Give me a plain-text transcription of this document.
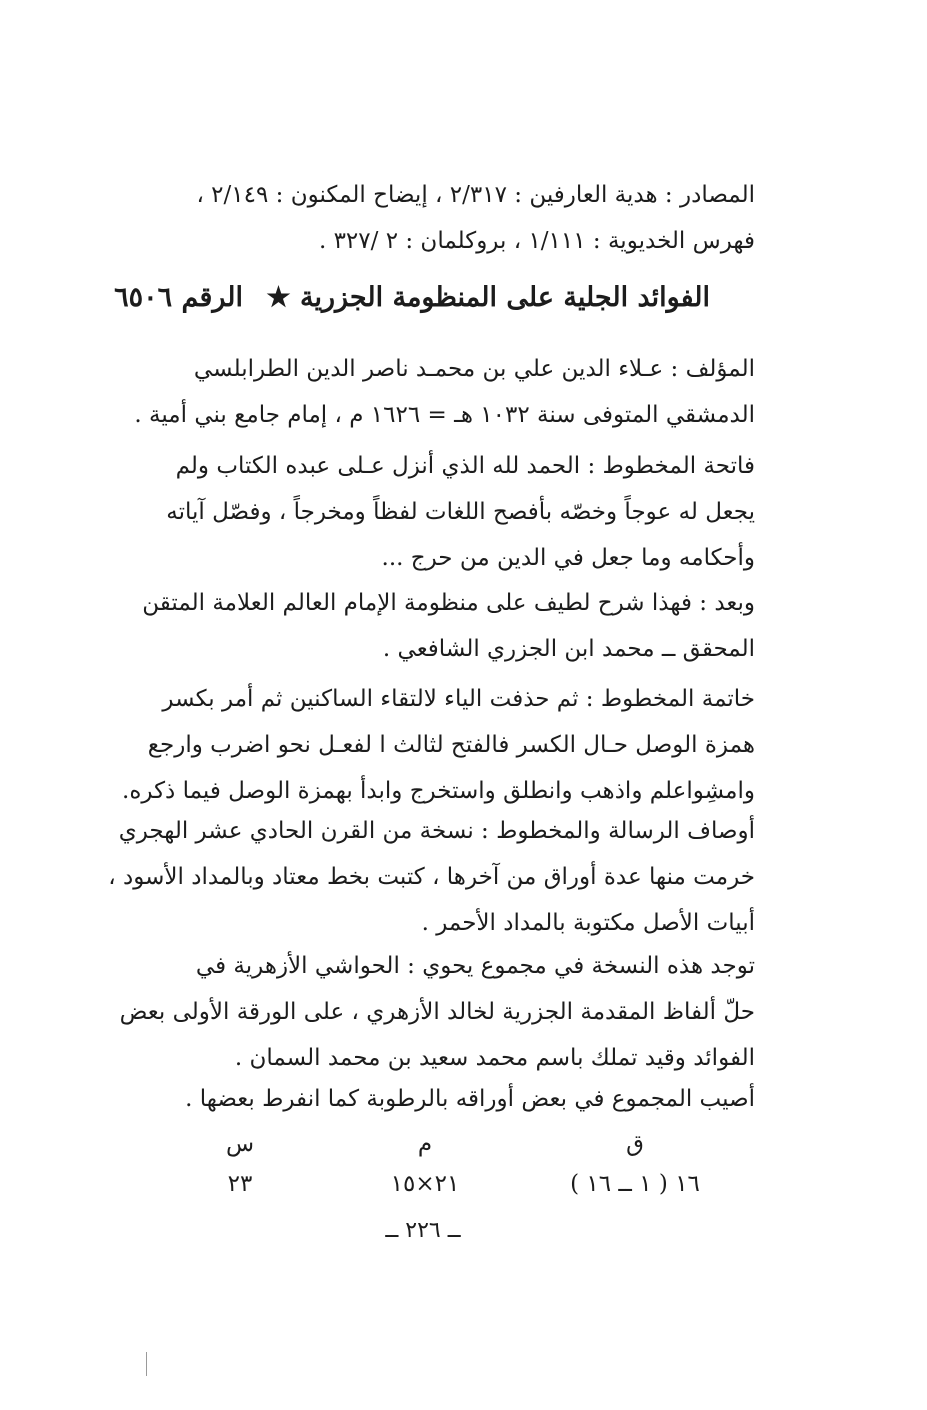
المصادر : هدية العارفين : ٢/٣١٧ ، إيضاح المكنون : ٢/١٤٩ ،
فهرس الخديوية : ١/١١١ ، بروكلمان : ٢ /٣٢٧ .
الفوائد الجلية على المنظومة الجزرية ★ الرقم ٦٥٠٦
المؤلف : عـلاء الدين علي بن محمـد ناصر الدين الطرابلسي
الدمشقي المتوفى سنة ١٠٣٢ هـ = ١٦٢٦ م ، إمام جامع بني أمية .
فاتحة المخطوط : الحمد لله الذي أنزل عـلى عبده الكتاب ولم
يجعل له عوجاً وخصّه بأفصح اللغات لفظاً ومخرجاً ، وفصّل آياته
وأحكامه وما جعل في الدين من حرج ...
وبعد : فهذا شرح لطيف على منظومة الإمام العالم العلامة المتقن
المحقق ــ محمد ابن الجزري الشافعي .
خاتمة المخطوط : ثم حذفت الياء لالتقاء الساكنين ثم أمر بكسر
همزة الوصل حـال الكسر فالفتح لثالث ا لفعـل نحو اضرب وارجع
وامشِواعلم واذهب وانطلق واستخرج وابدأ بهمزة الوصل فيما ذكره.
أوصاف الرسالة والمخطوط : نسخة من القرن الحادي عشر الهجري
خرمت منها عدة أوراق من آخرها ، كتبت بخط معتاد وبالمداد الأسود ،
أبيات الأصل مكتوبة بالمداد الأحمر .
توجد هذه النسخة في مجموع يحوي : الحواشي الأزهرية في
حلّ ألفاظ المقدمة الجزرية لخالد الأزهري ، على الورقة الأولى بعض
الفوائد وقيد تملك باسم محمد سعيد بن محمد السمان .
أصيب المجموع في بعض أوراقه بالرطوبة كما انفرط بعضها .
ق
م
س
١٦ ( ١ ــ ١٦ )
٢١×١٥
٢٣
ــ ٢٢٦ ــ
